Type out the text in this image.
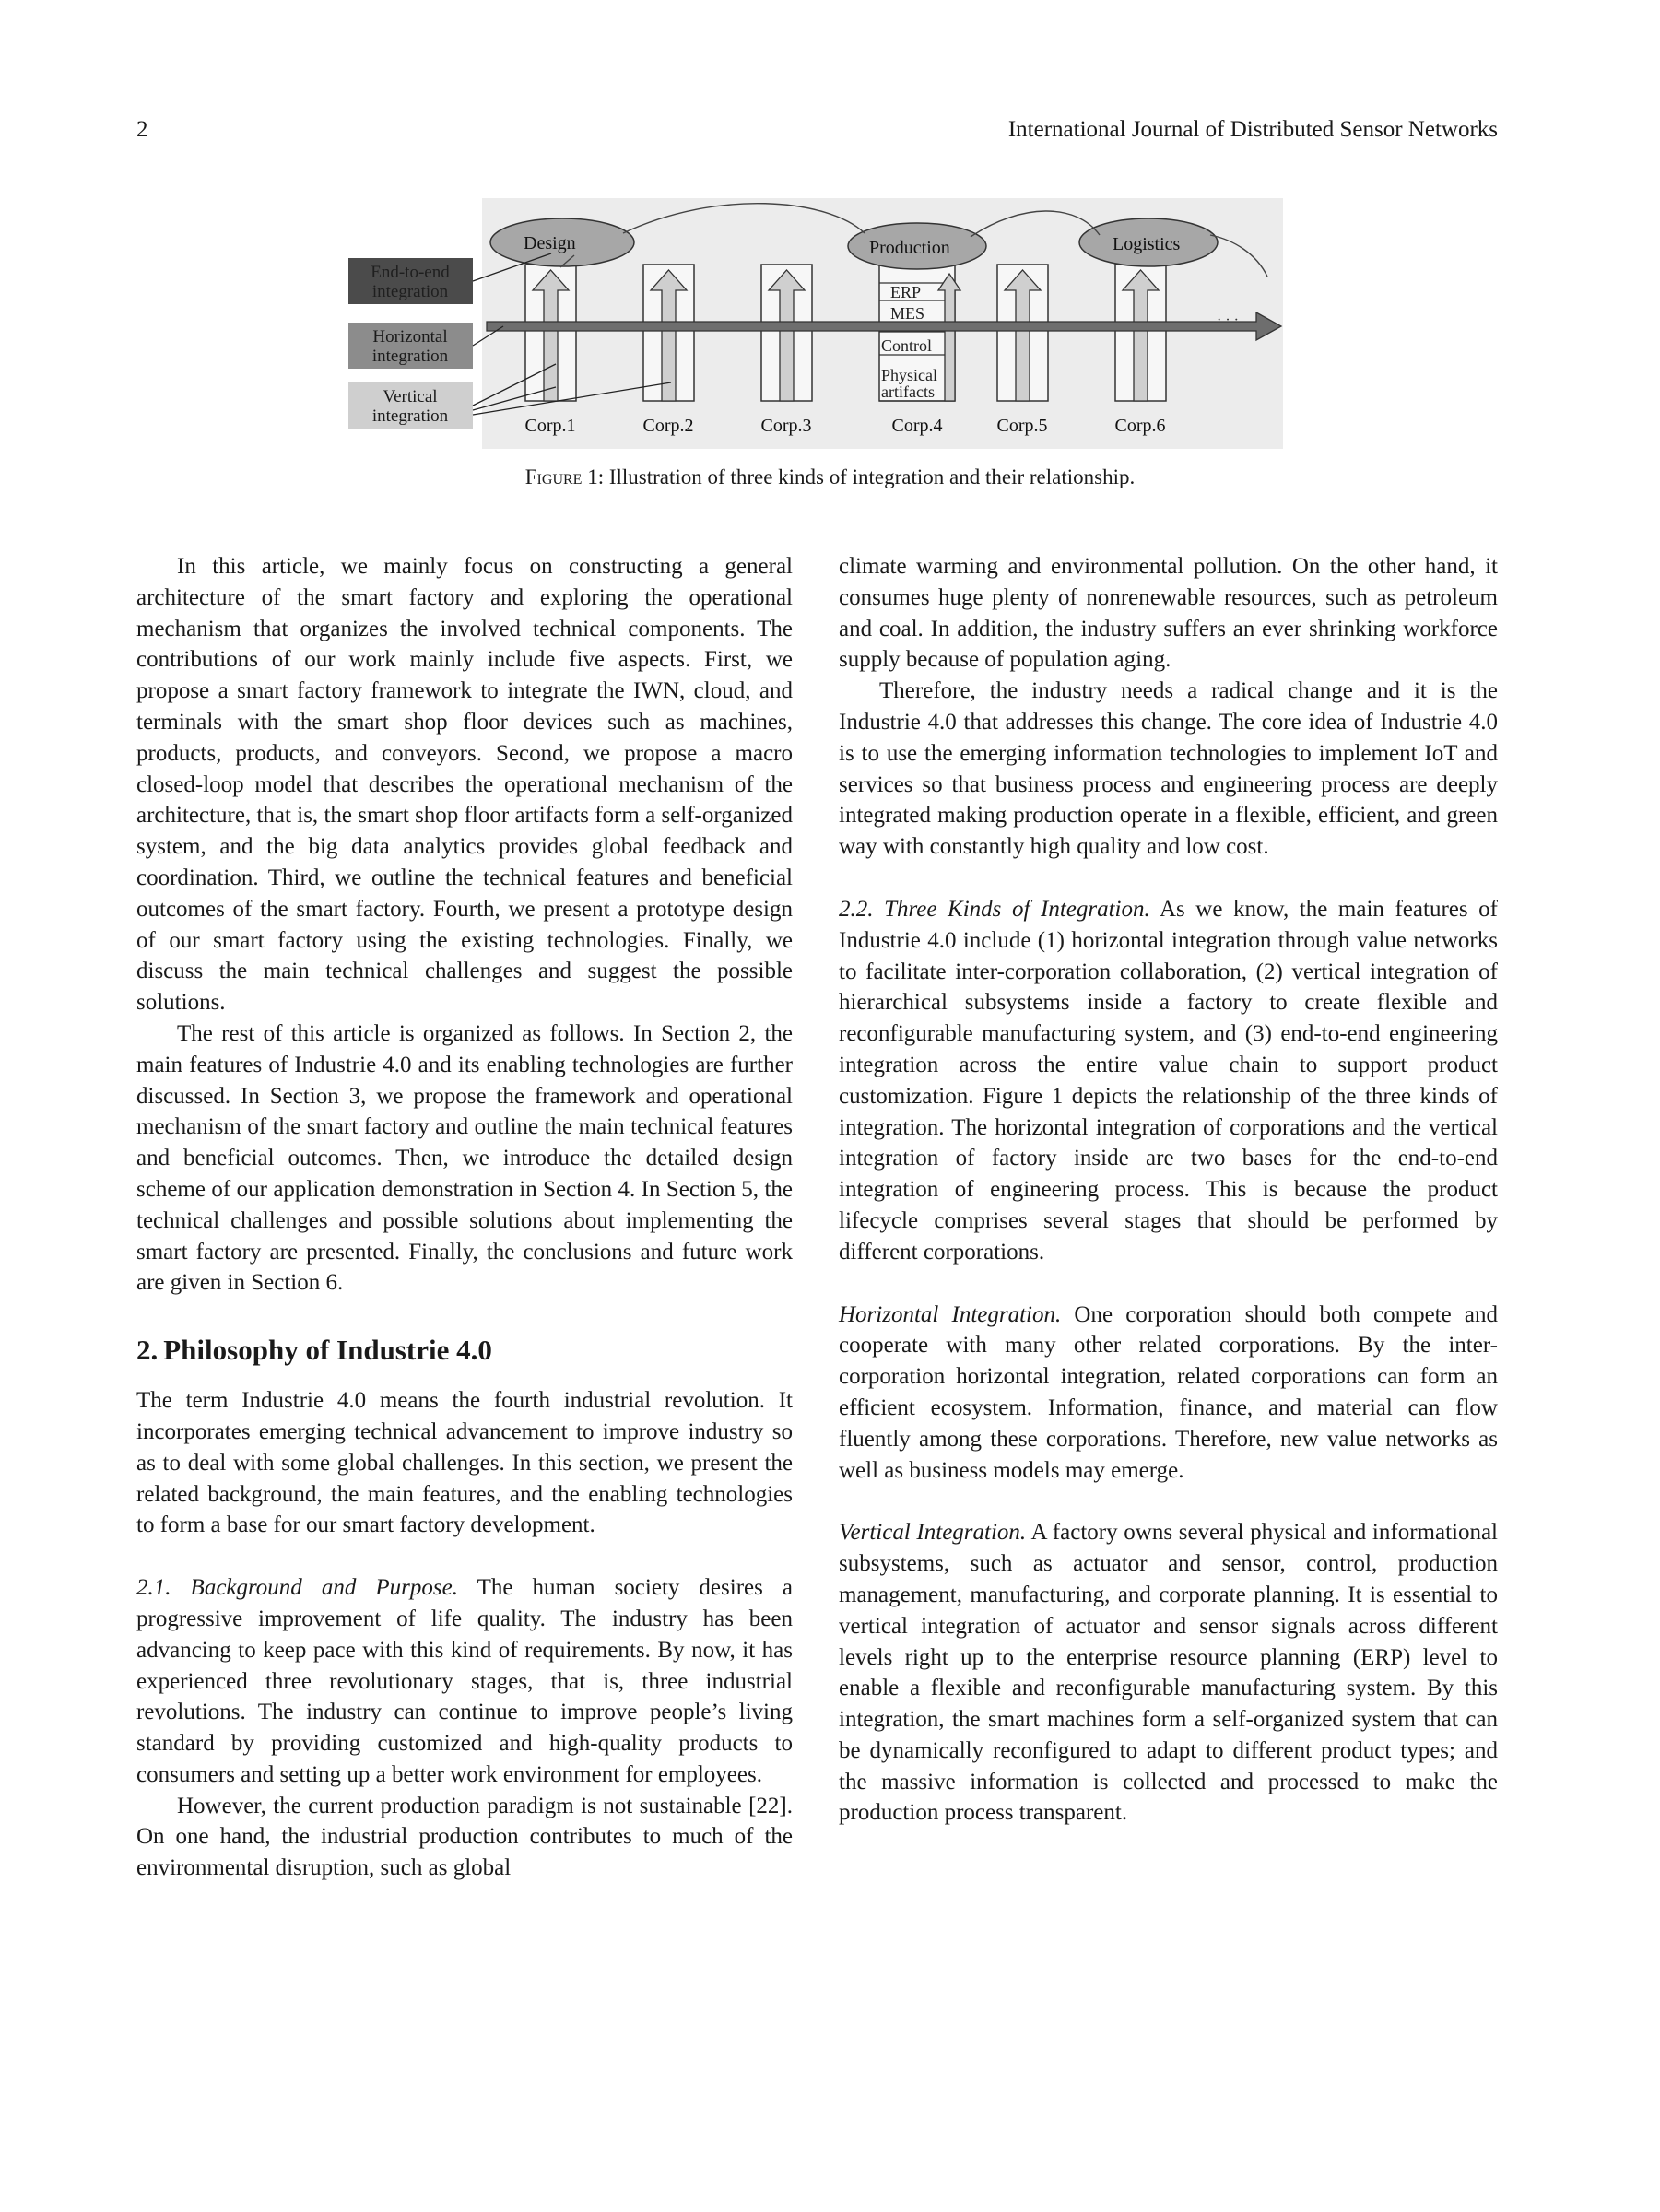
2	International Journal of Distributed Sensor Networks
ERP
MES
Control
Physical
artifacts
· · ·
Design	Production	Logistics
End-to-end
integration
Horizontal
integration
Vertical
integration	Corp.1	Corp.2	Corp.3	Corp.4	Corp.5	Corp.6
Figure 1: Illustration of three kinds of integration and their relationship.

In this article, we mainly focus on constructing a general architecture of the smart factory and exploring the operational mechanism that organizes the involved technical components. The contributions of our work mainly include five aspects. First, we propose a smart factory framework to integrate the IWN, cloud, and terminals with the smart shop floor devices such as machines, products, products, and conveyors. Second, we propose a macro closed-loop model that describes the operational mechanism of the architecture, that is, the smart shop floor artifacts form a self-organized system, and the big data analytics provides global feedback and coordination. Third, we outline the technical features and beneficial outcomes of the smart factory. Fourth, we present a prototype design of our smart factory using the existing technologies. Finally, we discuss the main technical challenges and suggest the possible solutions.

The rest of this article is organized as follows. In Section 2, the main features of Industrie 4.0 and its enabling technologies are further discussed. In Section 3, we propose the framework and operational mechanism of the smart factory and outline the main technical features and beneficial outcomes. Then, we introduce the detailed design scheme of our application demonstration in Section 4. In Section 5, the technical challenges and possible solutions about implementing the smart factory are presented. Finally, the conclusions and future work are given in Section 6.

2. Philosophy of Industrie 4.0

The term Industrie 4.0 means the fourth industrial revolution. It incorporates emerging technical advancement to improve industry so as to deal with some global challenges. In this section, we present the related background, the main features, and the enabling technologies to form a base for our smart factory development.

2.1. Background and Purpose. The human society desires a progressive improvement of life quality. The industry has been advancing to keep pace with this kind of requirements. By now, it has experienced three revolutionary stages, that is, three industrial revolutions. The industry can continue to improve people’s living standard by providing customized and high-quality products to consumers and setting up a better work environment for employees.

However, the current production paradigm is not sustainable [22]. On one hand, the industrial production contributes to much of the environmental disruption, such as global

climate warming and environmental pollution. On the other hand, it consumes huge plenty of nonrenewable resources, such as petroleum and coal. In addition, the industry suffers an ever shrinking workforce supply because of population aging.

Therefore, the industry needs a radical change and it is the Industrie 4.0 that addresses this change. The core idea of Industrie 4.0 is to use the emerging information technologies to implement IoT and services so that business process and engineering process are deeply integrated making production operate in a flexible, efficient, and green way with constantly high quality and low cost.

2.2. Three Kinds of Integration. As we know, the main features of Industrie 4.0 include (1) horizontal integration through value networks to facilitate inter-corporation collaboration, (2) vertical integration of hierarchical subsystems inside a factory to create flexible and reconfigurable manufacturing system, and (3) end-to-end engineering integration across the entire value chain to support product customization. Figure 1 depicts the relationship of the three kinds of integration. The horizontal integration of corporations and the vertical integration of factory inside are two bases for the end-to-end integration of engineering process. This is because the product lifecycle comprises several stages that should be performed by different corporations.

Horizontal Integration. One corporation should both compete and cooperate with many other related corporations. By the inter-corporation horizontal integration, related corporations can form an efficient ecosystem. Information, finance, and material can flow fluently among these corporations. Therefore, new value networks as well as business models may emerge.

Vertical Integration. A factory owns several physical and informational subsystems, such as actuator and sensor, control, production management, manufacturing, and corporate planning. It is essential to vertical integration of actuator and sensor signals across different levels right up to the enterprise resource planning (ERP) level to enable a flexible and reconfigurable manufacturing system. By this integration, the smart machines form a self-organized system that can be dynamically reconfigured to adapt to different product types; and the massive information is collected and processed to make the production process transparent.
